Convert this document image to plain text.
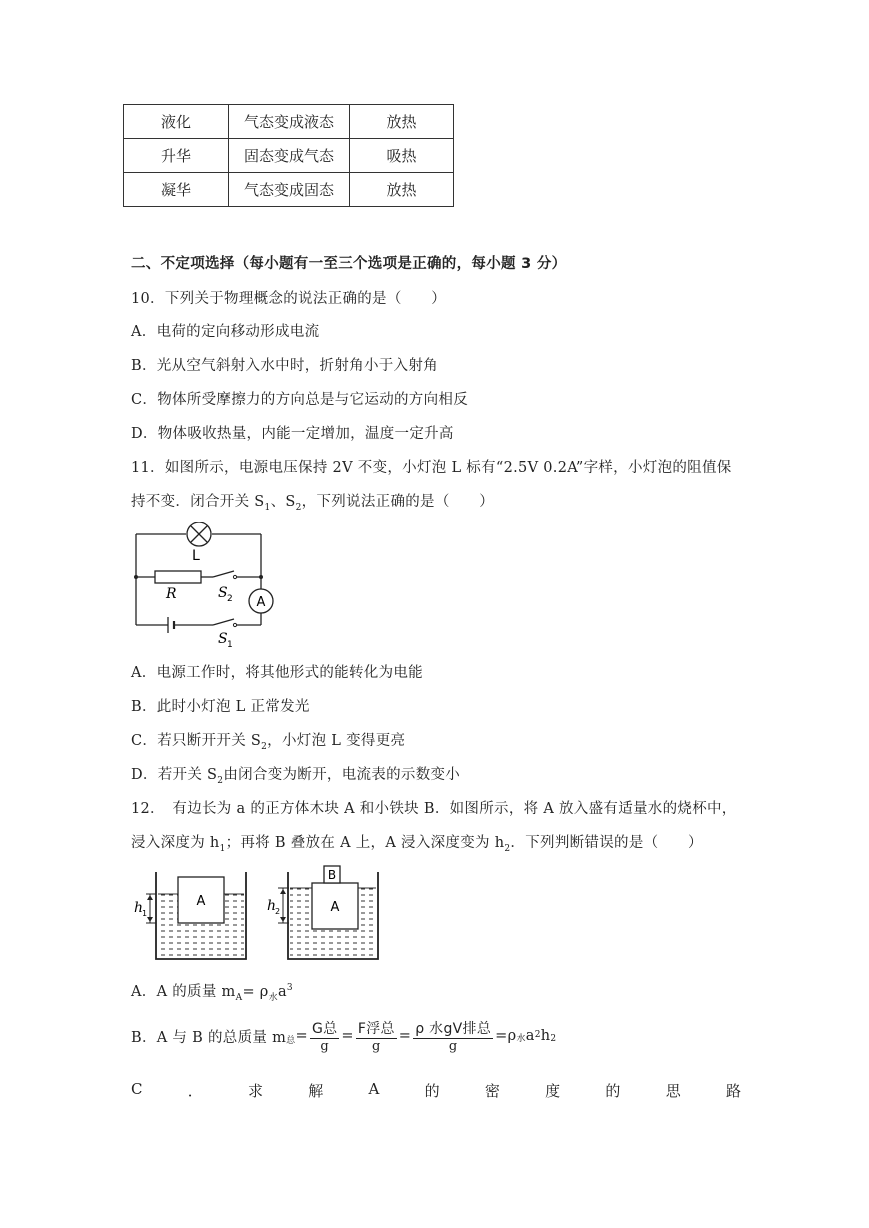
液化	气态变成液态	放热
升华	固态变成气态	吸热
凝华	气态变成固态	放热
二、不定项选择（每小题有一至三个选项是正确的，每小题 3 分）
10．下列关于物理概念的说法正确的是（　　）
A．电荷的定向移动形成电流
B．光从空气斜射入水中时，折射角小于入射角
C．物体所受摩擦力的方向总是与它运动的方向相反
D．物体吸收热量，内能一定增加，温度一定升高
11．如图所示，电源电压保持 2V 不变，小灯泡 L 标有“2.5V 0.2A”字样，小灯泡的阻值保
持不变．闭合开关 $S_1$、$S_2$，下列说法正确的是（　　）
A
L
R	S 2
S 1
A．电源工作时，将其他形式的能转化为电能
B．此时小灯泡 L 正常发光
C．若只断开开关 $S_2$，小灯泡 L 变得更亮
D．若开关 $S_2$由闭合变为断开，电流表的示数变小
12．　有边长为 a 的正方体木块 A 和小铁块 B．如图所示，将 A 放入盛有适量水的烧杯中，
浸入深度为 $h_1$；再将 B 叠放在 A 上，A 浸入深度变为 $h_2$．下列判断错误的是（　　）
A
h
1
B
A
h
2
A．A 的质量 $m_A= \rho_水a^3$
B．A 与 B 的总质量 $m_总 = \frac{\text{G总}}{g} = \frac{\text{F浮总}}{g} = \frac{\text{ρ 水gV排总}}{g} = \rho$ 水 a 2 $h_2$
C	．	求	解	A	的	密	度	的	思	路
